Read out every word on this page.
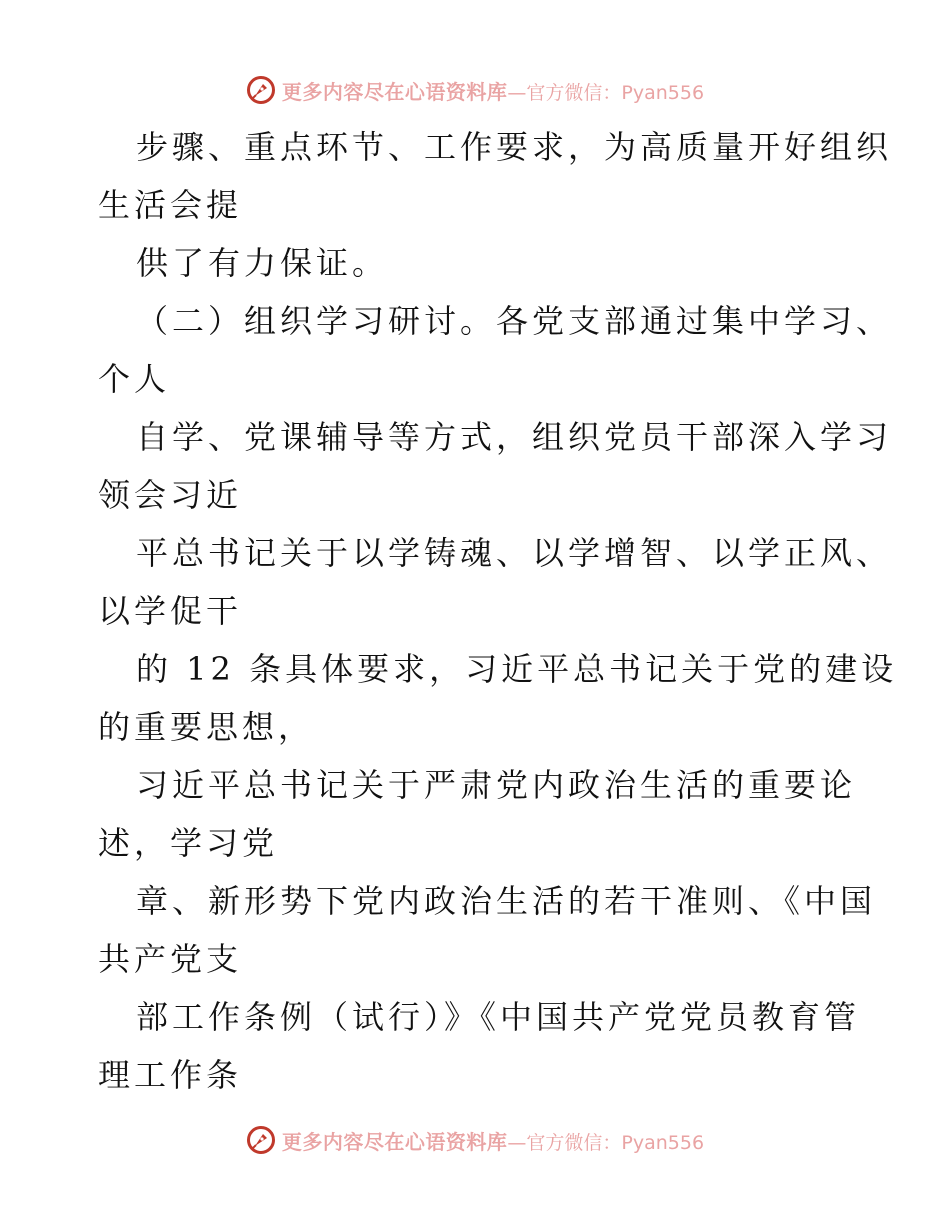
更多内容尽在心语资料库 —官方微信：Pyan556
步骤、重点环节、工作要求，为高质量开好组织
生活会提
供了有力保证。
（二）组织学习研讨。各党支部通过集中学习、
个人
自学、党课辅导等方式，组织党员干部深入学习
领会习近
平总书记关于以学铸魂、以学增智、以学正风、
以学促干
的 12 条具体要求，习近平总书记关于党的建设
的重要思想，
习近平总书记关于严肃党内政治生活的重要论
述，学习党
章、新形势下党内政治生活的若干准则、《中国
共产党支
部工作条例（试行）》《中国共产党党员教育管
理工作条
更多内容尽在心语资料库 —官方微信：Pyan556
